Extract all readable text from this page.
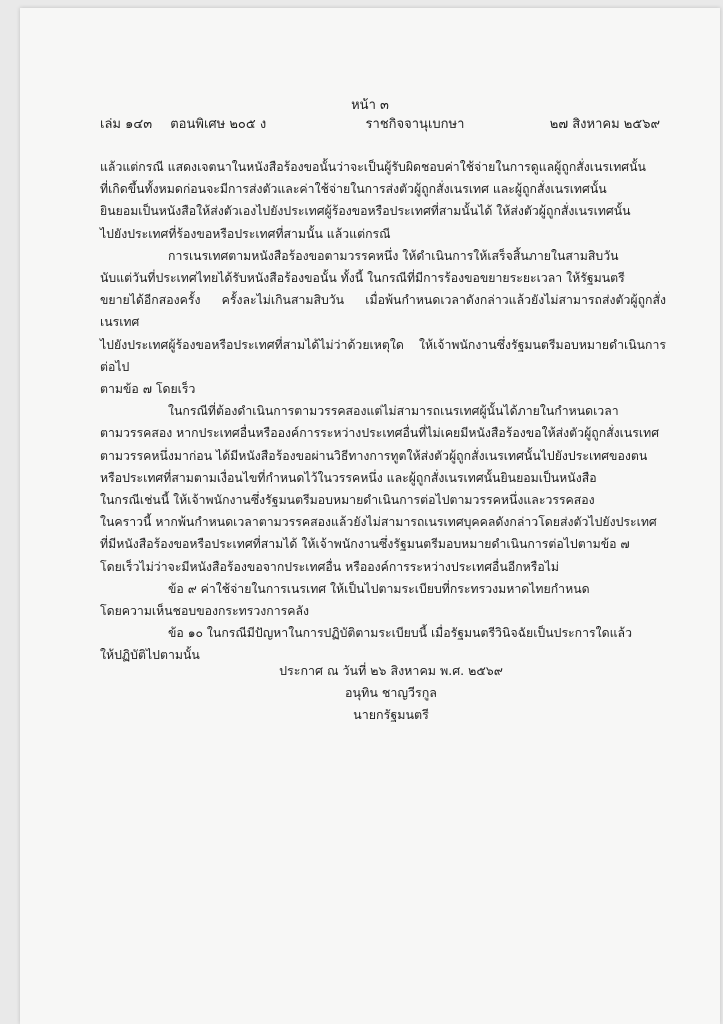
หน้า ๓
เล่ม ๑๔๓ ตอนพิเศษ ๒๐๕ ง	ราชกิจจานุเบกษา	๒๗ สิงหาคม ๒๕๖๙

แล้วแต่กรณี แสดงเจตนาในหนังสือร้องขอนั้นว่าจะเป็นผู้รับผิดชอบค่าใช้จ่ายในการดูแลผู้ถูกสั่งเนรเทศนั้น
ที่เกิดขึ้นทั้งหมดก่อนจะมีการส่งตัวและค่าใช้จ่ายในการส่งตัวผู้ถูกสั่งเนรเทศ และผู้ถูกสั่งเนรเทศนั้น
ยินยอมเป็นหนังสือให้ส่งตัวเองไปยังประเทศผู้ร้องขอหรือประเทศที่สามนั้นได้ ให้ส่งตัวผู้ถูกสั่งเนรเทศนั้น
ไปยังประเทศที่ร้องขอหรือประเทศที่สามนั้น แล้วแต่กรณี

การเนรเทศตามหนังสือร้องขอตามวรรคหนึ่ง ให้ดำเนินการให้เสร็จสิ้นภายในสามสิบวัน
นับแต่วันที่ประเทศไทยได้รับหนังสือร้องขอนั้น ทั้งนี้ ในกรณีที่มีการร้องขอขยายระยะเวลา ให้รัฐมนตรี
ขยายได้อีกสองครั้ง ครั้งละไม่เกินสามสิบวัน เมื่อพ้นกำหนดเวลาดังกล่าวแล้วยังไม่สามารถส่งตัวผู้ถูกสั่งเนรเทศ
ไปยังประเทศผู้ร้องขอหรือประเทศที่สามได้ไม่ว่าด้วยเหตุใด ให้เจ้าพนักงานซึ่งรัฐมนตรีมอบหมายดำเนินการต่อไป
ตามข้อ ๗ โดยเร็ว

ในกรณีที่ต้องดำเนินการตามวรรคสองแต่ไม่สามารถเนรเทศผู้นั้นได้ภายในกำหนดเวลา
ตามวรรคสอง หากประเทศอื่นหรือองค์การระหว่างประเทศอื่นที่ไม่เคยมีหนังสือร้องขอให้ส่งตัวผู้ถูกสั่งเนรเทศ
ตามวรรคหนึ่งมาก่อน ได้มีหนังสือร้องขอผ่านวิธีทางการทูตให้ส่งตัวผู้ถูกสั่งเนรเทศนั้นไปยังประเทศของตน
หรือประเทศที่สามตามเงื่อนไขที่กำหนดไว้ในวรรคหนึ่ง และผู้ถูกสั่งเนรเทศนั้นยินยอมเป็นหนังสือ
ในกรณีเช่นนี้ ให้เจ้าพนักงานซึ่งรัฐมนตรีมอบหมายดำเนินการต่อไปตามวรรคหนึ่งและวรรคสอง
ในคราวนี้ หากพ้นกำหนดเวลาตามวรรคสองแล้วยังไม่สามารถเนรเทศบุคคลดังกล่าวโดยส่งตัวไปยังประเทศ
ที่มีหนังสือร้องขอหรือประเทศที่สามได้ ให้เจ้าพนักงานซึ่งรัฐมนตรีมอบหมายดำเนินการต่อไปตามข้อ ๗
โดยเร็วไม่ว่าจะมีหนังสือร้องขอจากประเทศอื่น หรือองค์การระหว่างประเทศอื่นอีกหรือไม่

ข้อ ๙ ค่าใช้จ่ายในการเนรเทศ ให้เป็นไปตามระเบียบที่กระทรวงมหาดไทยกำหนด
โดยความเห็นชอบของกระทรวงการคลัง

ข้อ ๑๐ ในกรณีมีปัญหาในการปฏิบัติตามระเบียบนี้ เมื่อรัฐมนตรีวินิจฉัยเป็นประการใดแล้ว
ให้ปฏิบัติไปตามนั้น

ประกาศ ณ วันที่ ๒๖ สิงหาคม พ.ศ. ๒๕๖๙
อนุทิน ชาญวีรกูล
นายกรัฐมนตรี
